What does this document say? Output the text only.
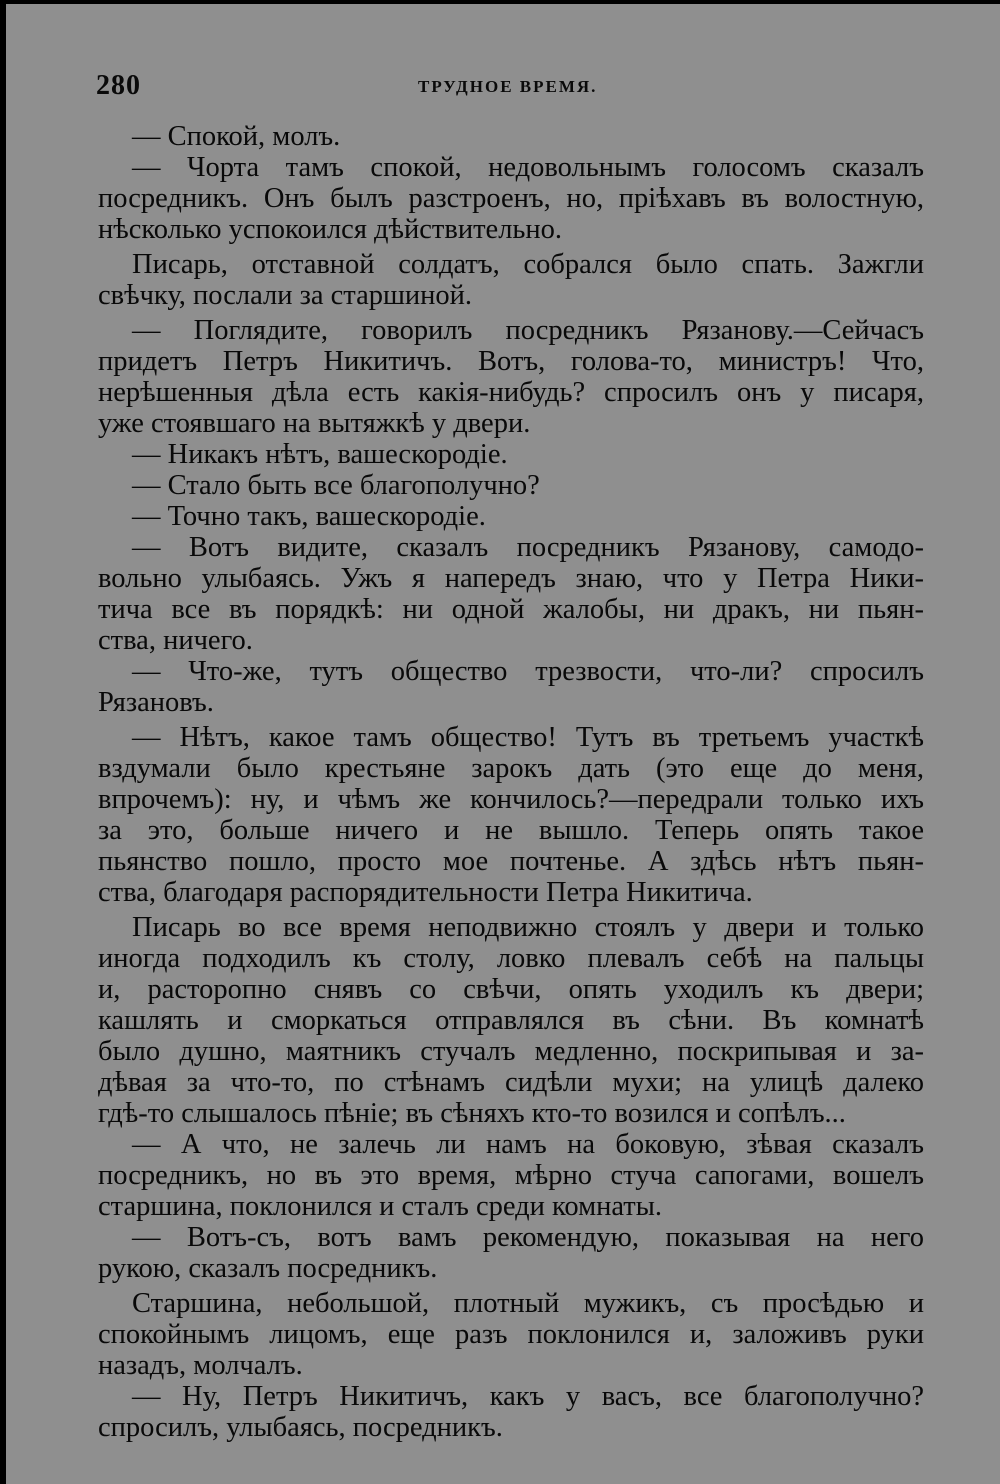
280	ТРУДНОЕ ВРЕМЯ.
— Спокой, молъ.
— Чорта тамъ спокой, недовольнымъ голосомъ сказалъ
посредникъ. Онъ былъ разстроенъ, но, пріѣхавъ въ волостную,
нѣсколько успокоился дѣйствительно.
Писарь, отставной солдатъ, собрался было спать. Зажгли
свѣчку, послали за старшиной.
— Поглядите, говорилъ посредникъ Рязанову.—Сейчасъ
придетъ Петръ Никитичъ. Вотъ, голова-то, министръ! Что,
нерѣшенныя дѣла есть какія-нибудь? спросилъ онъ у писаря,
уже стоявшаго на вытяжкѣ у двери.
— Никакъ нѣтъ, вашескородіе.
— Стало быть все благополучно?
— Точно такъ, вашескородіе.
— Вотъ видите, сказалъ посредникъ Рязанову, самодо-
вольно улыбаясь. Ужъ я напередъ знаю, что у Петра Ники-
тича все въ порядкѣ: ни одной жалобы, ни дракъ, ни пьян-
ства, ничего.
— Что-же, тутъ общество трезвости, что-ли? спросилъ
Рязановъ.
— Нѣтъ, какое тамъ общество! Тутъ въ третьемъ участкѣ
вздумали было крестьяне зарокъ дать (это еще до меня,
впрочемъ): ну, и чѣмъ же кончилось?—передрали только ихъ
за это, больше ничего и не вышло. Теперь опять такое
пьянство пошло, просто мое почтенье. А здѣсь нѣтъ пьян-
ства, благодаря распорядительности Петра Никитича.
Писарь во все время неподвижно стоялъ у двери и только
иногда подходилъ къ столу, ловко плевалъ себѣ на пальцы
и, расторопно снявъ со свѣчи, опять уходилъ къ двери;
кашлять и сморкаться отправлялся въ сѣни. Въ комнатѣ
было душно, маятникъ стучалъ медленно, поскрипывая и за-
дѣвая за что-то, по стѣнамъ сидѣли мухи; на улицѣ далеко
гдѣ-то слышалось пѣніе; въ сѣняхъ кто-то возился и сопѣлъ...
— А что, не залечь ли намъ на боковую, зѣвая сказалъ
посредникъ, но въ это время, мѣрно стуча сапогами, вошелъ
старшина, поклонился и сталъ среди комнаты.
— Вотъ-съ, вотъ вамъ рекомендую, показывая на него
рукою, сказалъ посредникъ.
Старшина, небольшой, плотный мужикъ, съ просѣдью и
спокойнымъ лицомъ, еще разъ поклонился и, заложивъ руки
назадъ, молчалъ.
— Ну, Петръ Никитичъ, какъ у васъ, все благополучно?
спросилъ, улыбаясь, посредникъ.
